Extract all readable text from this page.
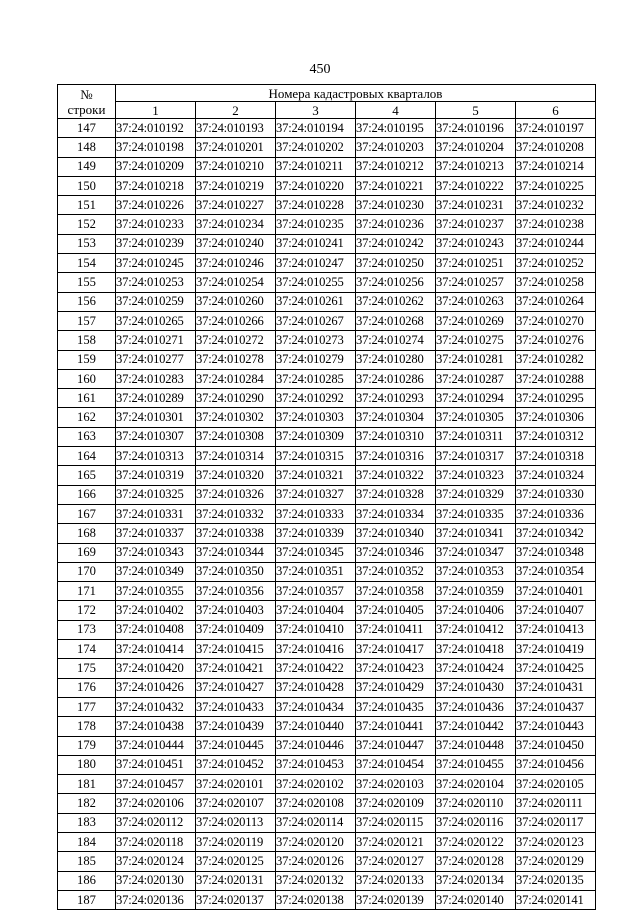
450
№
строки	Номера кадастровых кварталов					
	1	2	3	4	5	6
147	37:24:010192	37:24:010193	37:24:010194	37:24:010195	37:24:010196	37:24:010197
148	37:24:010198	37:24:010201	37:24:010202	37:24:010203	37:24:010204	37:24:010208
149	37:24:010209	37:24:010210	37:24:010211	37:24:010212	37:24:010213	37:24:010214
150	37:24:010218	37:24:010219	37:24:010220	37:24:010221	37:24:010222	37:24:010225
151	37:24:010226	37:24:010227	37:24:010228	37:24:010230	37:24:010231	37:24:010232
152	37:24:010233	37:24:010234	37:24:010235	37:24:010236	37:24:010237	37:24:010238
153	37:24:010239	37:24:010240	37:24:010241	37:24:010242	37:24:010243	37:24:010244
154	37:24:010245	37:24:010246	37:24:010247	37:24:010250	37:24:010251	37:24:010252
155	37:24:010253	37:24:010254	37:24:010255	37:24:010256	37:24:010257	37:24:010258
156	37:24:010259	37:24:010260	37:24:010261	37:24:010262	37:24:010263	37:24:010264
157	37:24:010265	37:24:010266	37:24:010267	37:24:010268	37:24:010269	37:24:010270
158	37:24:010271	37:24:010272	37:24:010273	37:24:010274	37:24:010275	37:24:010276
159	37:24:010277	37:24:010278	37:24:010279	37:24:010280	37:24:010281	37:24:010282
160	37:24:010283	37:24:010284	37:24:010285	37:24:010286	37:24:010287	37:24:010288
161	37:24:010289	37:24:010290	37:24:010292	37:24:010293	37:24:010294	37:24:010295
162	37:24:010301	37:24:010302	37:24:010303	37:24:010304	37:24:010305	37:24:010306
163	37:24:010307	37:24:010308	37:24:010309	37:24:010310	37:24:010311	37:24:010312
164	37:24:010313	37:24:010314	37:24:010315	37:24:010316	37:24:010317	37:24:010318
165	37:24:010319	37:24:010320	37:24:010321	37:24:010322	37:24:010323	37:24:010324
166	37:24:010325	37:24:010326	37:24:010327	37:24:010328	37:24:010329	37:24:010330
167	37:24:010331	37:24:010332	37:24:010333	37:24:010334	37:24:010335	37:24:010336
168	37:24:010337	37:24:010338	37:24:010339	37:24:010340	37:24:010341	37:24:010342
169	37:24:010343	37:24:010344	37:24:010345	37:24:010346	37:24:010347	37:24:010348
170	37:24:010349	37:24:010350	37:24:010351	37:24:010352	37:24:010353	37:24:010354
171	37:24:010355	37:24:010356	37:24:010357	37:24:010358	37:24:010359	37:24:010401
172	37:24:010402	37:24:010403	37:24:010404	37:24:010405	37:24:010406	37:24:010407
173	37:24:010408	37:24:010409	37:24:010410	37:24:010411	37:24:010412	37:24:010413
174	37:24:010414	37:24:010415	37:24:010416	37:24:010417	37:24:010418	37:24:010419
175	37:24:010420	37:24:010421	37:24:010422	37:24:010423	37:24:010424	37:24:010425
176	37:24:010426	37:24:010427	37:24:010428	37:24:010429	37:24:010430	37:24:010431
177	37:24:010432	37:24:010433	37:24:010434	37:24:010435	37:24:010436	37:24:010437
178	37:24:010438	37:24:010439	37:24:010440	37:24:010441	37:24:010442	37:24:010443
179	37:24:010444	37:24:010445	37:24:010446	37:24:010447	37:24:010448	37:24:010450
180	37:24:010451	37:24:010452	37:24:010453	37:24:010454	37:24:010455	37:24:010456
181	37:24:010457	37:24:020101	37:24:020102	37:24:020103	37:24:020104	37:24:020105
182	37:24:020106	37:24:020107	37:24:020108	37:24:020109	37:24:020110	37:24:020111
183	37:24:020112	37:24:020113	37:24:020114	37:24:020115	37:24:020116	37:24:020117
184	37:24:020118	37:24:020119	37:24:020120	37:24:020121	37:24:020122	37:24:020123
185	37:24:020124	37:24:020125	37:24:020126	37:24:020127	37:24:020128	37:24:020129
186	37:24:020130	37:24:020131	37:24:020132	37:24:020133	37:24:020134	37:24:020135
187	37:24:020136	37:24:020137	37:24:020138	37:24:020139	37:24:020140	37:24:020141
